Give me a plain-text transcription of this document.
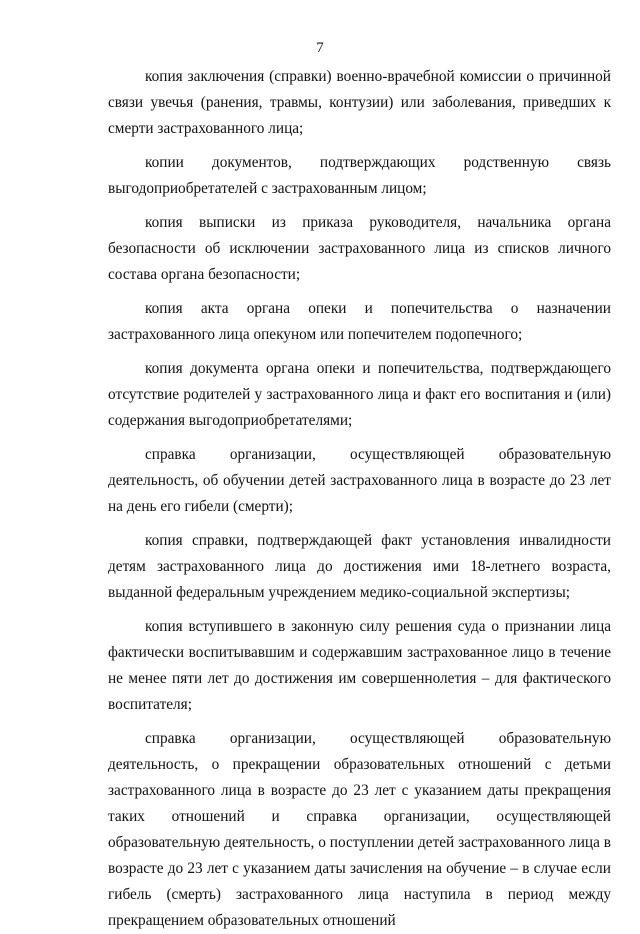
7

копия заключения (справки) военно-врачебной комиссии о причинной связи увечья (ранения, травмы, контузии) или заболевания, приведших к смерти застрахованного лица;

копии документов, подтверждающих родственную связь выгодоприобретателей с застрахованным лицом;

копия выписки из приказа руководителя, начальника органа безопасности об исключении застрахованного лица из списков личного состава органа безопасности;

копия акта органа опеки и попечительства о назначении застрахованного лица опекуном или попечителем подопечного;

копия документа органа опеки и попечительства, подтверждающего отсутствие родителей у застрахованного лица и факт его воспитания и (или) содержания выгодоприобретателями;

справка организации, осуществляющей образовательную деятельность, об обучении детей застрахованного лица в возрасте до 23 лет на день его гибели (смерти);

копия справки, подтверждающей факт установления инвалидности детям застрахованного лица до достижения ими 18-летнего возраста, выданной федеральным учреждением медико-социальной экспертизы;

копия вступившего в законную силу решения суда о признании лица фактически воспитывавшим и содержавшим застрахованное лицо в течение не менее пяти лет до достижения им совершеннолетия – для фактического воспитателя;

справка организации, осуществляющей образовательную деятельность, о прекращении образовательных отношений с детьми застрахованного лица в возрасте до 23 лет с указанием даты прекращения таких отношений и справка организации, осуществляющей образовательную деятельность, о поступлении детей застрахованного лица в возрасте до 23 лет с указанием даты зачисления на обучение – в случае если гибель (смерть) застрахованного лица наступила в период между прекращением образовательных отношений
